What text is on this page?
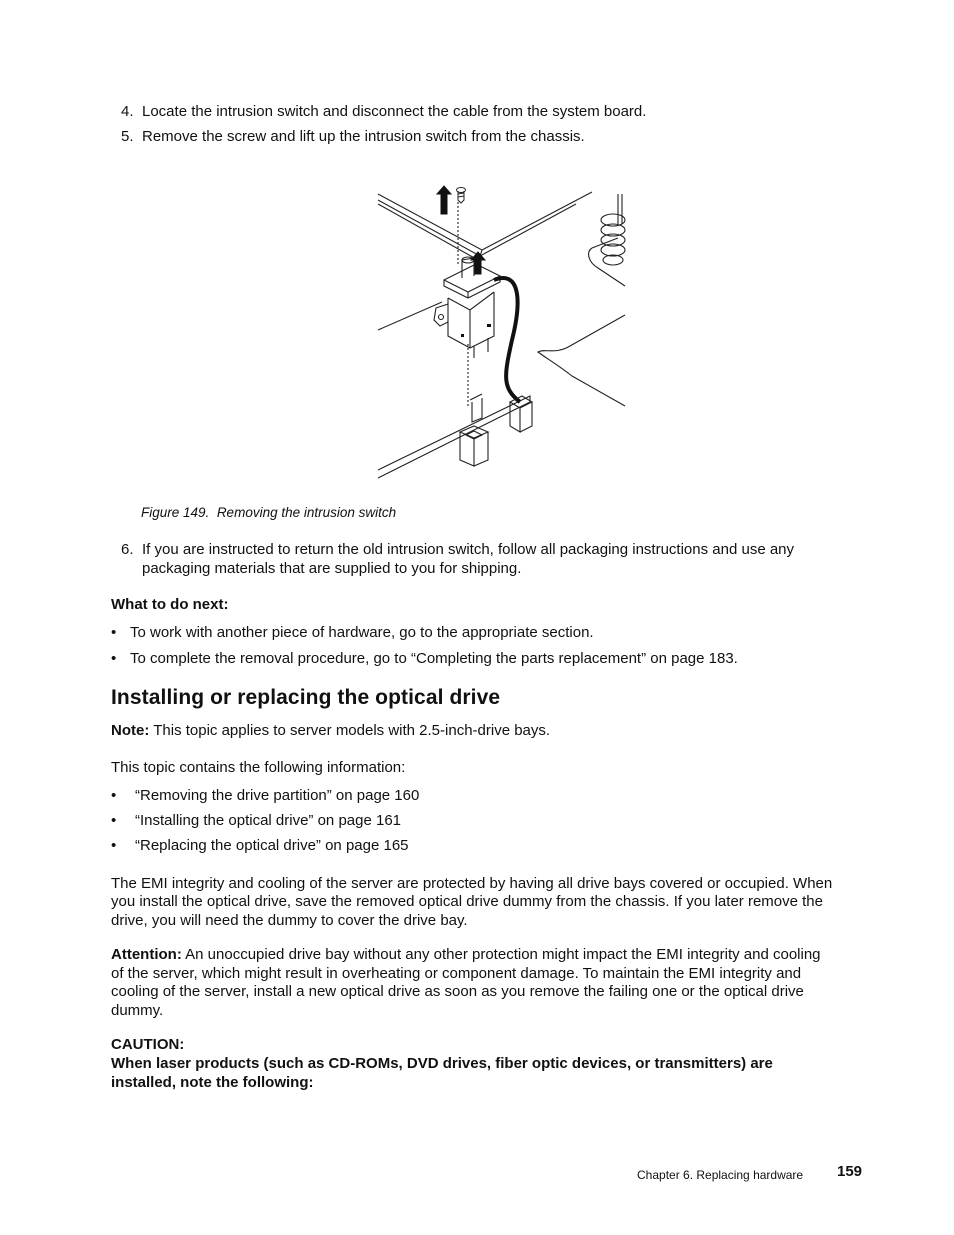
4. Locate the intrusion switch and disconnect the cable from the system board.
5. Remove the screw and lift up the intrusion switch from the chassis.
Figure 149. Removing the intrusion switch
6. If you are instructed to return the old intrusion switch, follow all packaging instructions and use any
packaging materials that are supplied to you for shipping.
What to do next:
• To work with another piece of hardware, go to the appropriate section.
• To complete the removal procedure, go to “Completing the parts replacement” on page 183.
Installing or replacing the optical drive
Note: This topic applies to server models with 2.5-inch-drive bays.
This topic contains the following information:
• “Removing the drive partition” on page 160
• “Installing the optical drive” on page 161
• “Replacing the optical drive” on page 165
The EMI integrity and cooling of the server are protected by having all drive bays covered or occupied. When
you install the optical drive, save the removed optical drive dummy from the chassis. If you later remove the
drive, you will need the dummy to cover the drive bay.
Attention: An unoccupied drive bay without any other protection might impact the EMI integrity and cooling
of the server, which might result in overheating or component damage. To maintain the EMI integrity and
cooling of the server, install a new optical drive as soon as you remove the failing one or the optical drive
dummy.
CAUTION:
When laser products (such as CD-ROMs, DVD drives, fiber optic devices, or transmitters) are
installed, note the following:
Chapter 6. Replacing hardware 159
